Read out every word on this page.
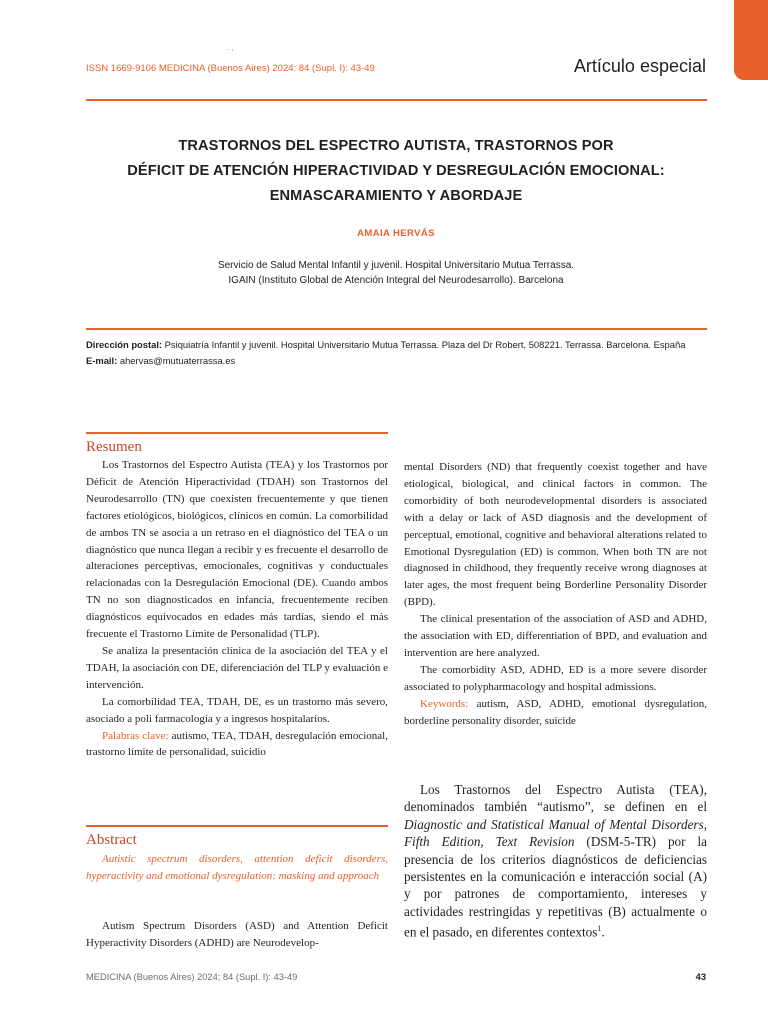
. ,
ISSN 1669-9106 MEDICINA (Buenos Aires) 2024: 84 (Supl. I): 43-49	Artículo especial
TRASTORNOS DEL ESPECTRO AUTISTA, TRASTORNOS POR
DÉFICIT DE ATENCIÓN HIPERACTIVIDAD Y DESREGULACIÓN EMOCIONAL:
ENMASCARAMIENTO Y ABORDAJE
AMAIA HERVÁS
Servicio de Salud Mental Infantil y juvenil. Hospital Universitario Mutua Terrassa.
IGAIN (Instituto Global de Atención Integral del Neurodesarrollo). Barcelona
Dirección postal: Psiquiatría Infantil y juvenil. Hospital Universitario Mutua Terrassa. Plaza del Dr Robert, 508221. Terrassa. Barcelona. España
E-mail: ahervas@mutuaterrassa.es
Resumen

Los Trastornos del Espectro Autista (TEA) y los Trastornos por Déficit de Atención Hiperactividad (TDAH) son Trastornos del Neurodesarrollo (TN) que coexisten frecuentemente y que tienen factores etiológicos, biológicos, clínicos en común. La comorbilidad de ambos TN se asocia a un retraso en el diagnóstico del TEA o un diagnóstico que nunca llegan a recibir y es frecuente el desarrollo de alteraciones perceptivas, emocionales, cognitivas y conductuales relacionadas con la Desregulación Emocional (DE). Cuando ambos TN no son diagnosticados en infancia, frecuentemente reciben diagnósticos equivocados en edades más tardías, siendo el más frecuente el Trastorno Límite de Personalidad (TLP).

Se analiza la presentación clínica de la asociación del TEA y el TDAH, la asociación con DE, diferenciación del TLP y evaluación e intervención.

La comorbilidad TEA, TDAH, DE, es un trastorno más severo, asociado a poli farmacología y a ingresos hospitalarios.

Palabras clave: autismo, TEA, TDAH, desregulación emocional, trastorno límite de personalidad, suicidio

Abstract
Autistic spectrum disorders, attention deficit disorders, hyperactivity and emotional dysregulation: masking and approach

Autism Spectrum Disorders (ASD) and Attention Deficit Hyperactivity Disorders (ADHD) are Neurodevelop-

mental Disorders (ND) that frequently coexist together and have etiological, biological, and clinical factors in common. The comorbidity of both neurodevelopmental disorders is associated with a delay or lack of ASD diagnosis and the development of perceptual, emotional, cognitive and behavioral alterations related to Emotional Dysregulation (ED) is common. When both TN are not diagnosed in childhood, they frequently receive wrong diagnoses at later ages, the most frequent being Borderline Personality Disorder (BPD).

The clinical presentation of the association of ASD and ADHD, the association with ED, differentiation of BPD, and evaluation and intervention are here analyzed.

The comorbidity ASD, ADHD, ED is a more severe disorder associated to polypharmacology and hospital admissions.

Keywords: autism, ASD, ADHD, emotional dysregulation, borderline personality disorder, suicide

Los Trastornos del Espectro Autista (TEA), denominados también “autismo”, se definen en el Diagnostic and Statistical Manual of Mental Disorders, Fifth Edition, Text Revision (DSM-5-TR) por la presencia de los criterios diagnósticos de deficiencias persistentes en la comunicación e interacción social (A) y por patrones de comportamiento, intereses y actividades restringidas y repetitivas (B) actualmente o en el pasado, en diferentes contextos$^1$.

MEDICINA (Buenos Aires) 2024; 84 (Supl. I): 43-49	43
